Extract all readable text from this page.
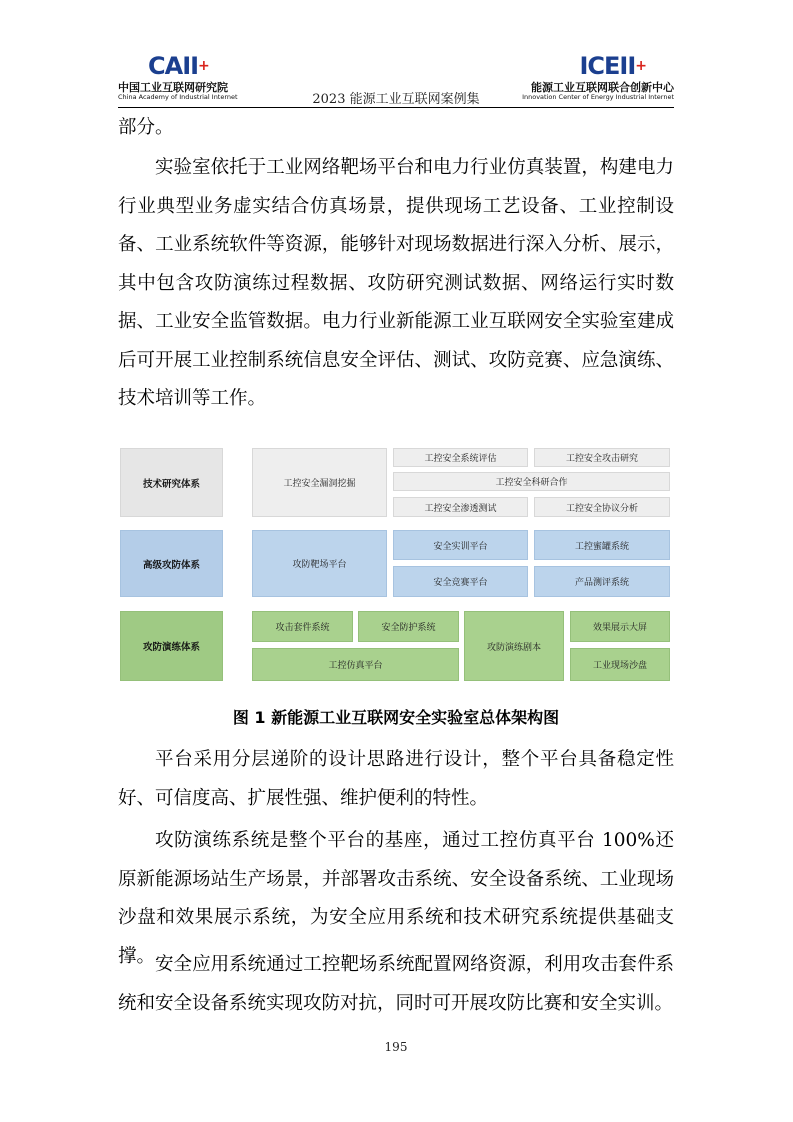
CAII+
中国工业互联网研究院
China Academy of Industrial Internet	2023 能源工业互联网案例集
ICEII+
能源工业互联网联合创新中心
Innovation Center of Energy Industrial Internet

部分。

实验室依托于工业网络靶场平台和电力行业仿真装置，构建电力行业典型业务虚实结合仿真场景，提供现场工艺设备、工业控制设备、工业系统软件等资源，能够针对现场数据进行深入分析、展示，其中包含攻防演练过程数据、攻防研究测试数据、网络运行实时数据、工业安全监管数据。电力行业新能源工业互联网安全实验室建成后可开展工业控制系统信息安全评估、测试、攻防竞赛、应急演练、技术培训等工作。

技术研究体系	工控安全漏洞挖掘
工控安全系统评估	工控安全攻击研究
工控安全科研合作
工控安全渗透测试	工控安全协议分析
高级攻防体系	攻防靶场平台
安全实训平台	工控蜜罐系统
安全竞赛平台	产品测评系统
攻防演练体系
攻击套件系统	安全防护系统
工控仿真平台
攻防演练剧本
效果展示大屏
工业现场沙盘
图 1 新能源工业互联网安全实验室总体架构图

平台采用分层递阶的设计思路进行设计，整个平台具备稳定性好、可信度高、扩展性强、维护便利的特性。

攻防演练系统是整个平台的基座，通过工控仿真平台 100%还原新能源场站生产场景，并部署攻击系统、安全设备系统、工业现场沙盘和效果展示系统，为安全应用系统和技术研究系统提供基础支撑。 安全应用系统通过工控靶场系统配置网络资源，利用攻击套件系统和安全设备系统实现攻防对抗，同时可开展攻防比赛和安全实训。

195
